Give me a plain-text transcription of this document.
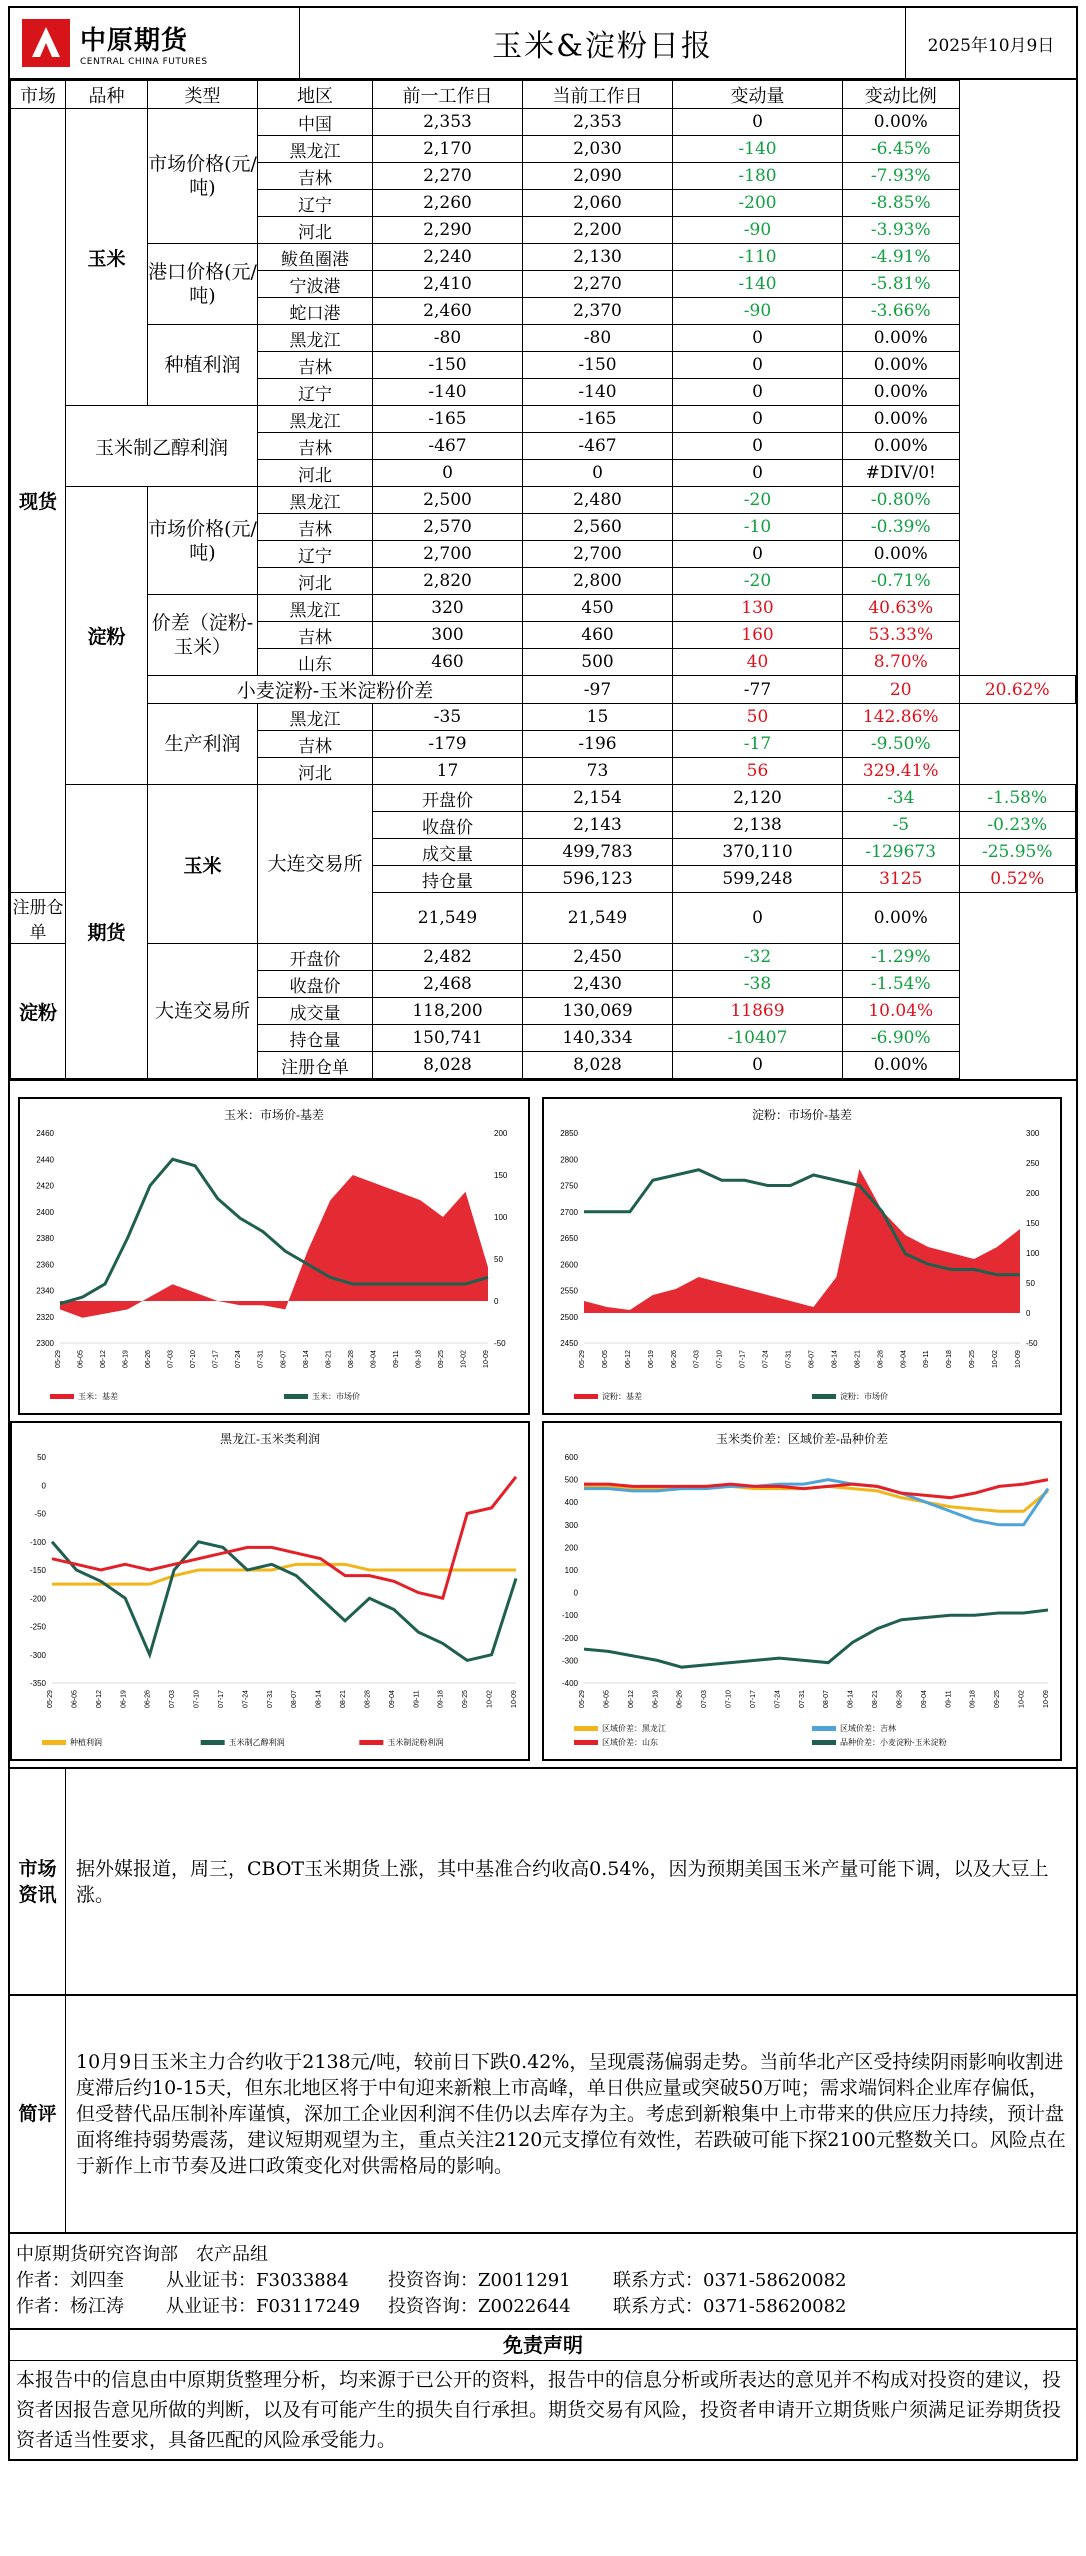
中原期货
CENTRAL CHINA FUTURES	玉米&淀粉日报	2025年10月9日
市场	品种	类型	地区	前一工作日	当前工作日	变动量	变动比例	
现货	玉米	市场价格(元/吨)	中国	2,353	2,353	0	0.00%	
			黑龙江	2,170	2,030	-140	-6.45%	
			吉林	2,270	2,090	-180	-7.93%	
			辽宁	2,260	2,060	-200	-8.85%	
			河北	2,290	2,200	-90	-3.93%	
		港口价格(元/吨)	鲅鱼圈港	2,240	2,130	-110	-4.91%	
			宁波港	2,410	2,270	-140	-5.81%	
			蛇口港	2,460	2,370	-90	-3.66%	
		种植利润	黑龙江	-80	-80	0	0.00%	
			吉林	-150	-150	0	0.00%	
			辽宁	-140	-140	0	0.00%	
	玉米制乙醇利润		黑龙江	-165	-165	0	0.00%	
			吉林	-467	-467	0	0.00%	
			河北	0	0	0	#DIV/0!	
	淀粉	市场价格(元/吨)	黑龙江	2,500	2,480	-20	-0.80%	
			吉林	2,570	2,560	-10	-0.39%	
			辽宁	2,700	2,700	0	0.00%	
			河北	2,820	2,800	-20	-0.71%	
		价差（淀粉-玉米）	黑龙江	320	450	130	40.63%	
			吉林	300	460	160	53.33%	
			山东	460	500	40	8.70%	
		小麦淀粉-玉米淀粉价差			-97	-77	20	20.62%
		生产利润	黑龙江	-35	15	50	142.86%	
			吉林	-179	-196	-17	-9.50%	
			河北	17	73	56	329.41%	
	期货	玉米	大连交易所	开盘价	2,154	2,120	-34	-1.58%
				收盘价	2,143	2,138	-5	-0.23%
				成交量	499,783	370,110	-129673	-25.95%
				持仓量	596,123	599,248	3125	0.52%
注册仓单				21,549	21,549	0	0.00%	
淀粉		大连交易所	开盘价	2,482	2,450	-32	-1.29%	
			收盘价	2,468	2,430	-38	-1.54%	
			成交量	118,200	130,069	11869	10.04%	
			持仓量	150,741	140,334	-10407	-6.90%	
			注册仓单	8,028	8,028	0	0.00%	
玉米：市场价-基差
2460
2440
2420
2400
2380
2360
2340
2320
2300
200
150
100
50
0
-50
05-29 06-05 06-12 06-19 06-26 07-03 07-10 07-17 07-24 07-31 08-07 08-14 08-21 08-28 09-04 09-11 09-18 09-25 10-02 10-09
玉米：基差	玉米：市场价
淀粉：市场价-基差
2850
2800
2750
2700
2650
2600
2550
2500
2450
300
250
200
150
100
50
0
-50
05-29 06-05 06-12 06-19 06-26 07-03 07-10 07-17 07-24 07-31 08-07 08-14 08-21 08-28 09-04 09-11 09-18 09-25 10-02 10-09
淀粉：基差	淀粉：市场价
黑龙江-玉米类利润
50
0
-50
-100
-150
-200
-250
-300
-350
05-29 06-05 06-12 06-19 06-26 07-03 07-10 07-17 07-24 07-31 08-07 08-14 08-21 08-28 09-04 09-11 09-18 09-25 10-02 10-09
种植利润	玉米制乙醇利润	玉米制淀粉利润
玉米类价差：区域价差-品种价差
600
500
400
300
200
100
0
-100
-200
-300
-400
05-29 06-05 06-12 06-19 06-26 07-03 07-10 07-17 07-24 07-31 08-07 08-14 08-21 08-28 09-04 09-11 09-18 09-25 10-02 10-09
区域价差：黑龙江	区域价差：吉林
区域价差：山东	品种价差：小麦淀粉-玉米淀粉
市场资讯
据外媒报道，周三，CBOT玉米期货上涨，其中基准合约收高0.54%，因为预期美国玉米产量可能下调，以及大豆上涨。
简评
10月9日玉米主力合约收于2138元/吨，较前日下跌0.42%，呈现震荡偏弱走势。当前华北产区受持续阴雨影响收割进度滞后约10-15天，但东北地区将于中旬迎来新粮上市高峰，单日供应量或突破50万吨；需求端饲料企业库存偏低，但受替代品压制补库谨慎，深加工企业因利润不佳仍以去库存为主。考虑到新粮集中上市带来的供应压力持续，预计盘面将维持弱势震荡，建议短期观望为主，重点关注2120元支撑位有效性，若跌破可能下探2100元整数关口。风险点在于新作上市节奏及进口政策变化对供需格局的影响。
中原期货研究咨询部　农产品组
作者：刘四奎	从业证书：F3033884	投资咨询：Z0011291	联系方式：0371-58620082
作者：杨江涛	从业证书：F03117249	投资咨询：Z0022644	联系方式：0371-58620082
免责声明
本报告中的信息由中原期货整理分析，均来源于已公开的资料，报告中的信息分析或所表达的意见并不构成对投资的建议，投资者因报告意见所做的判断，以及有可能产生的损失自行承担。期货交易有风险，投资者申请开立期货账户须满足证券期货投资者适当性要求，具备匹配的风险承受能力。
